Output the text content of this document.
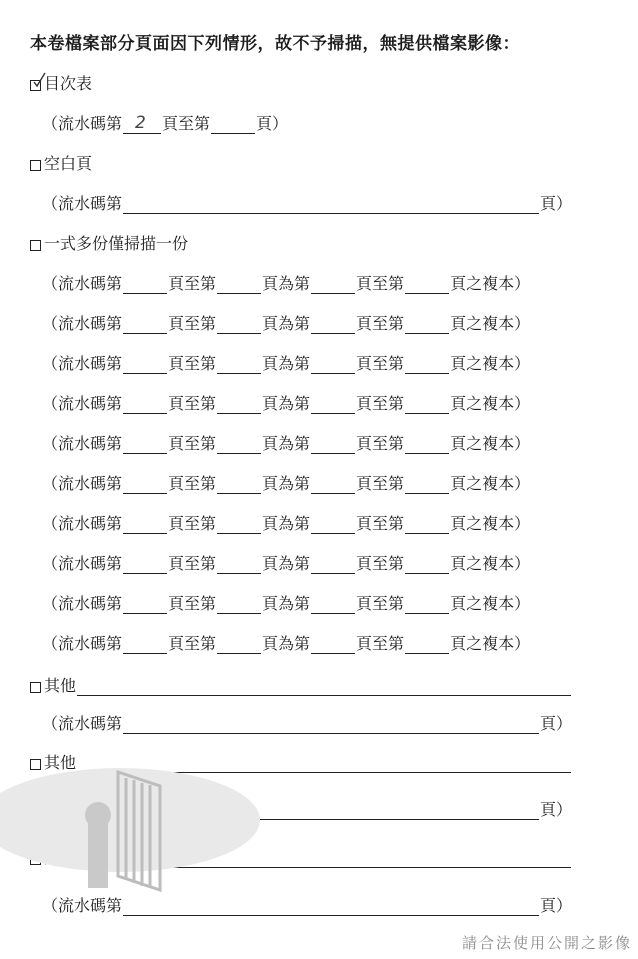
本卷檔案部分頁面因下列情形，故不予掃描，無提供檔案影像：
目次表
（流水碼第 2 頁至第	頁）
空白頁
（流水碼第	頁）
一式多份僅掃描一份
（流水碼第	頁至第	頁為第	頁至第	頁之複本）
（流水碼第	頁至第	頁為第	頁至第	頁之複本）
（流水碼第	頁至第	頁為第	頁至第	頁之複本）
（流水碼第	頁至第	頁為第	頁至第	頁之複本）
（流水碼第	頁至第	頁為第	頁至第	頁之複本）
（流水碼第	頁至第	頁為第	頁至第	頁之複本）
（流水碼第	頁至第	頁為第	頁至第	頁之複本）
（流水碼第	頁至第	頁為第	頁至第	頁之複本）
（流水碼第	頁至第	頁為第	頁至第	頁之複本）
（流水碼第	頁至第	頁為第	頁至第	頁之複本）
其他
（流水碼第	頁）
其他
頁）
（流水碼第	頁）
請合法使用公開之影像
